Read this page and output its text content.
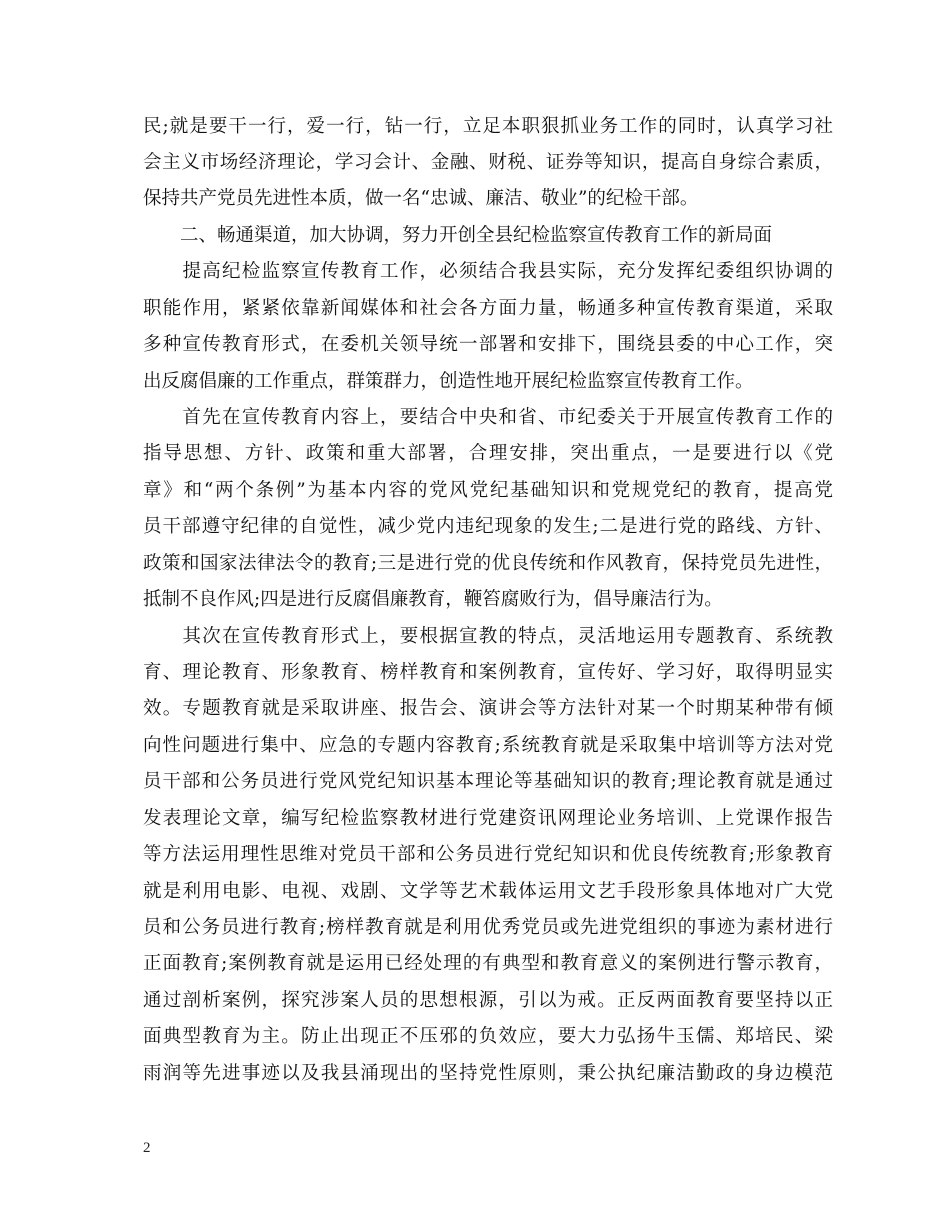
民;就是要干一行，爱一行，钻一行，立足本职狠抓业务工作的同时，认真学习社
会主义市场经济理论，学习会计、金融、财税、证券等知识，提高自身综合素质，
保持共产党员先进性本质，做一名“忠诚、廉洁、敬业”的纪检干部。
　　二、畅通渠道，加大协调，努力开创全县纪检监察宣传教育工作的新局面
　　提高纪检监察宣传教育工作，必须结合我县实际，充分发挥纪委组织协调的
职能作用，紧紧依靠新闻媒体和社会各方面力量，畅通多种宣传教育渠道，采取
多种宣传教育形式，在委机关领导统一部署和安排下，围绕县委的中心工作，突
出反腐倡廉的工作重点，群策群力，创造性地开展纪检监察宣传教育工作。
　　首先在宣传教育内容上，要结合中央和省、市纪委关于开展宣传教育工作的
指导思想、方针、政策和重大部署，合理安排，突出重点，一是要进行以《党
章》和“两个条例”为基本内容的党风党纪基础知识和党规党纪的教育，提高党
员干部遵守纪律的自觉性，减少党内违纪现象的发生;二是进行党的路线、方针、
政策和国家法律法令的教育;三是进行党的优良传统和作风教育，保持党员先进性，
抵制不良作风;四是进行反腐倡廉教育，鞭笞腐败行为，倡导廉洁行为。
　　其次在宣传教育形式上，要根据宣教的特点，灵活地运用专题教育、系统教
育、理论教育、形象教育、榜样教育和案例教育，宣传好、学习好，取得明显实
效。专题教育就是采取讲座、报告会、演讲会等方法针对某一个时期某种带有倾
向性问题进行集中、应急的专题内容教育;系统教育就是采取集中培训等方法对党
员干部和公务员进行党风党纪知识基本理论等基础知识的教育;理论教育就是通过
发表理论文章，编写纪检监察教材进行党建资讯网理论业务培训、上党课作报告
等方法运用理性思维对党员干部和公务员进行党纪知识和优良传统教育;形象教育
就是利用电影、电视、戏剧、文学等艺术载体运用文艺手段形象具体地对广大党
员和公务员进行教育;榜样教育就是利用优秀党员或先进党组织的事迹为素材进行
正面教育;案例教育就是运用已经处理的有典型和教育意义的案例进行警示教育，
通过剖析案例，探究涉案人员的思想根源，引以为戒。正反两面教育要坚持以正
面典型教育为主。防止出现正不压邪的负效应，要大力弘扬牛玉儒、郑培民、梁
雨润等先进事迹以及我县涌现出的坚持党性原则，秉公执纪廉洁勤政的身边模范
2
